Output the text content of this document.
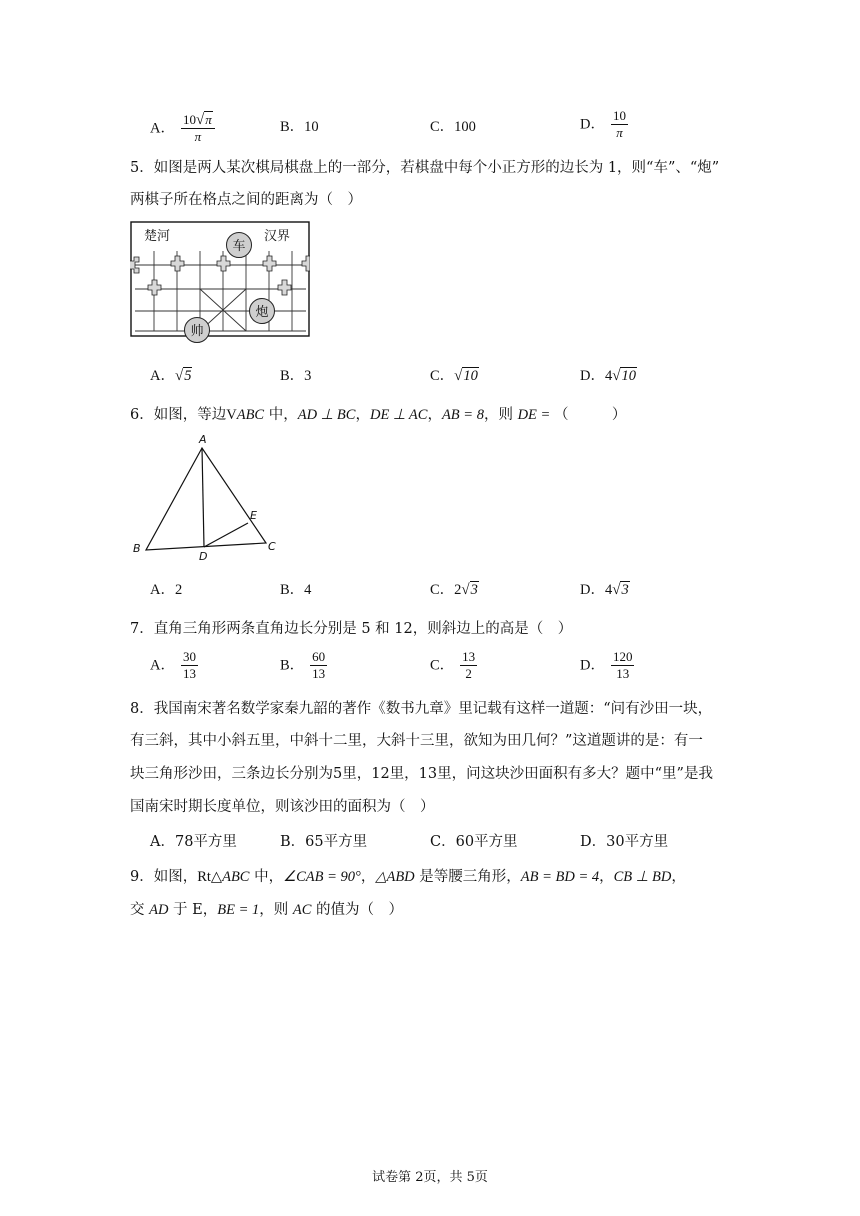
A． $\frac{10√\pi}{\pi}$	B．10	C．100	D． $\frac{10}{\pi}$
5．如图是两人某次棋局棋盘上的一部分，若棋盘中每个小正方形的边长为 1，则“车”、“炮”
两棋子所在格点之间的距离为（　）
楚河	汉界
车
炮
帅
A．√5	B．3	C．√10	D．4√10
6．如图，等边VABC 中，AD ⊥ BC，DE ⊥ AC，AB = 8，则 DE = （　　　）
A
B	C
D
E
A．2	B．4	C．2√3	D．4√3
7．直角三角形两条直角边长分别是 5 和 12，则斜边上的高是（　）
A． $\frac{30}{13}$	B． $\frac{60}{13}$	C． $\frac{13}{2}$	D． $\frac{120}{13}$
8．我国南宋著名数学家秦九韶的著作《数书九章》里记载有这样一道题：“问有沙田一块，
有三斜，其中小斜五里，中斜十二里，大斜十三里，欲知为田几何？”这道题讲的是：有一
块三角形沙田，三条边长分别为5里，12里，13里，问这块沙田面积有多大？题中“里”是我
国南宋时期长度单位，则该沙田的面积为（　）
A．78平方里	B．65平方里	C．60平方里	D．30平方里
9．如图，Rt△ABC 中，∠CAB = 90°，△ABD 是等腰三角形，AB = BD = 4，CB ⊥ BD，
交 AD 于 E，BE = 1，则 AC 的值为（　）
试卷第 2页，共 5页
